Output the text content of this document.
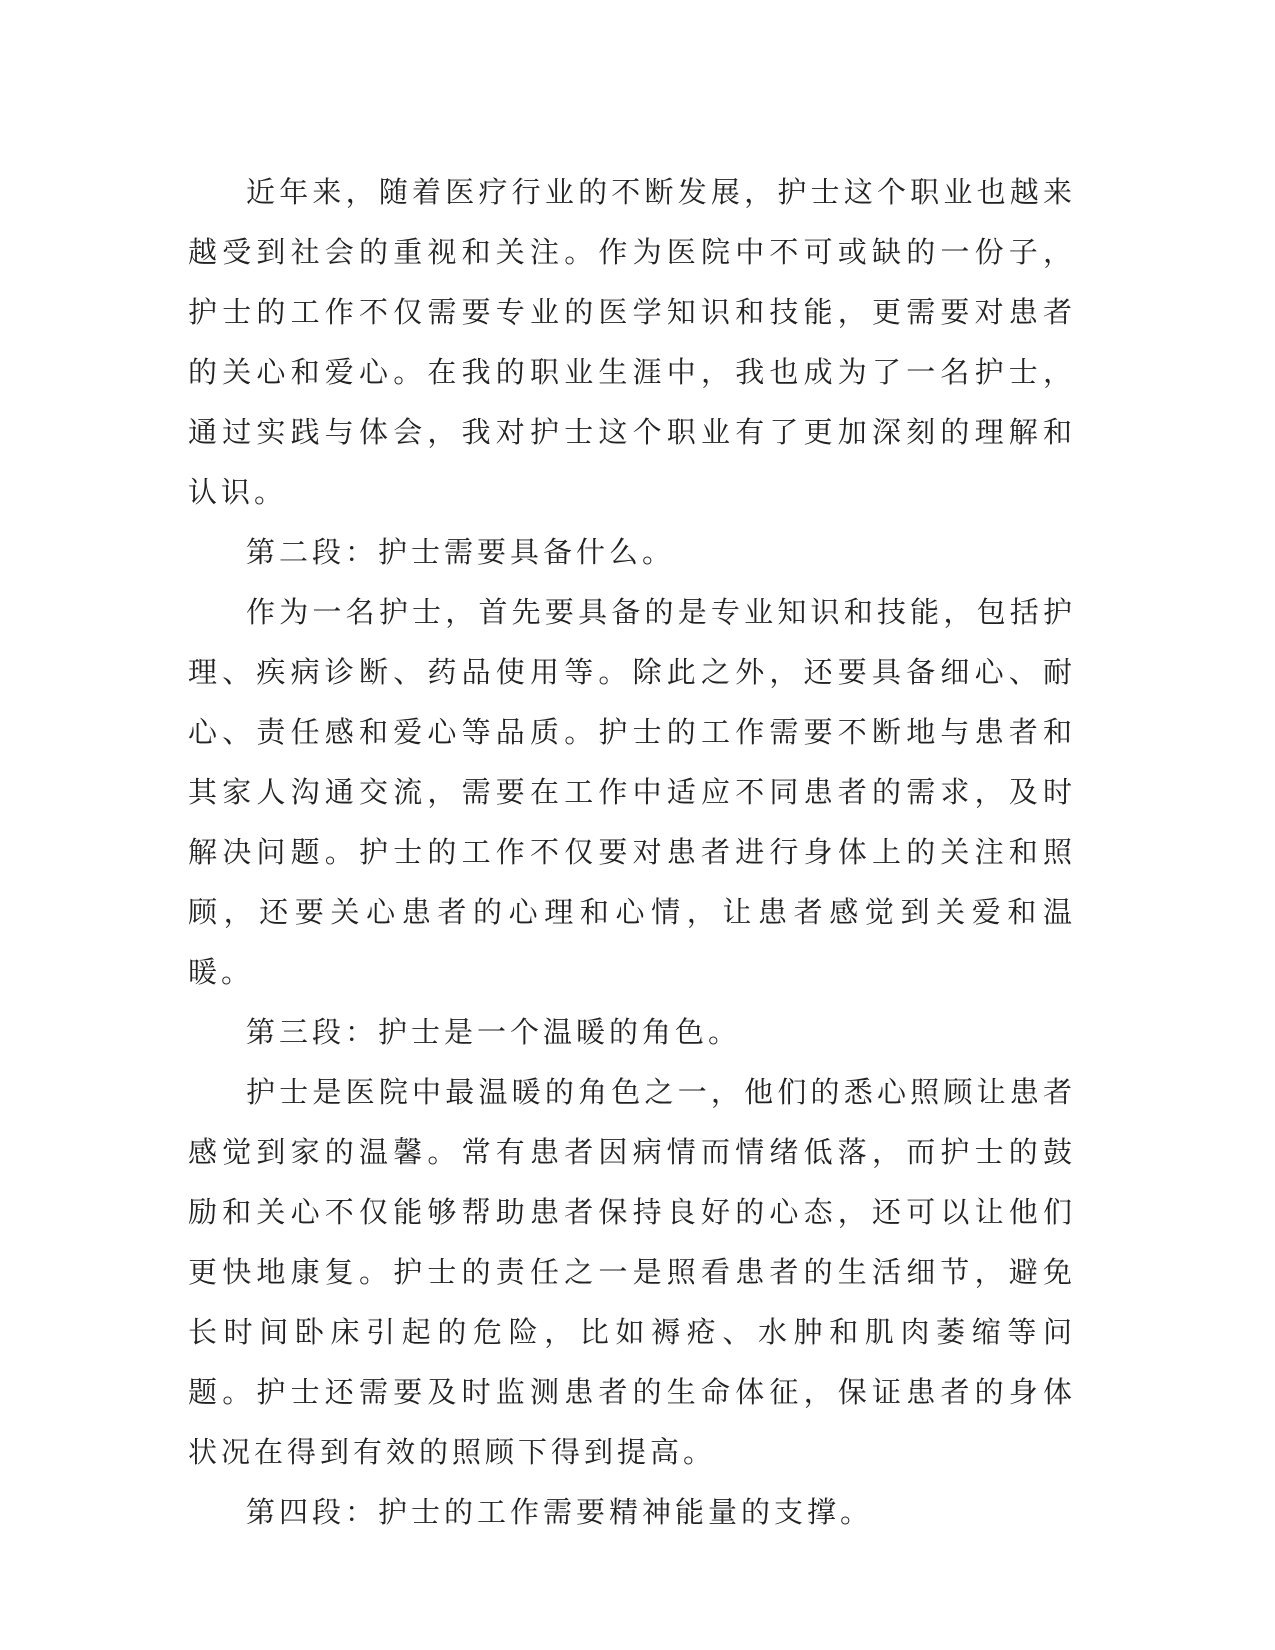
近年来，随着医疗行业的不断发展，护士这个职业也越来越受到社会的重视和关注。作为医院中不可或缺的一份子，护士的工作不仅需要专业的医学知识和技能，更需要对患者的关心和爱心。在我的职业生涯中，我也成为了一名护士，通过实践与体会，我对护士这个职业有了更加深刻的理解和认识。

第二段：护士需要具备什么。

作为一名护士，首先要具备的是专业知识和技能，包括护理、疾病诊断、药品使用等。除此之外，还要具备细心、耐心、责任感和爱心等品质。护士的工作需要不断地与患者和其家人沟通交流，需要在工作中适应不同患者的需求，及时解决问题。护士的工作不仅要对患者进行身体上的关注和照顾，还要关心患者的心理和心情，让患者感觉到关爱和温暖。

第三段：护士是一个温暖的角色。

护士是医院中最温暖的角色之一，他们的悉心照顾让患者感觉到家的温馨。常有患者因病情而情绪低落，而护士的鼓励和关心不仅能够帮助患者保持良好的心态，还可以让他们更快地康复。护士的责任之一是照看患者的生活细节，避免长时间卧床引起的危险，比如褥疮、水肿和肌肉萎缩等问题。护士还需要及时监测患者的生命体征，保证患者的身体状况在得到有效的照顾下得到提高。

第四段：护士的工作需要精神能量的支撑。
